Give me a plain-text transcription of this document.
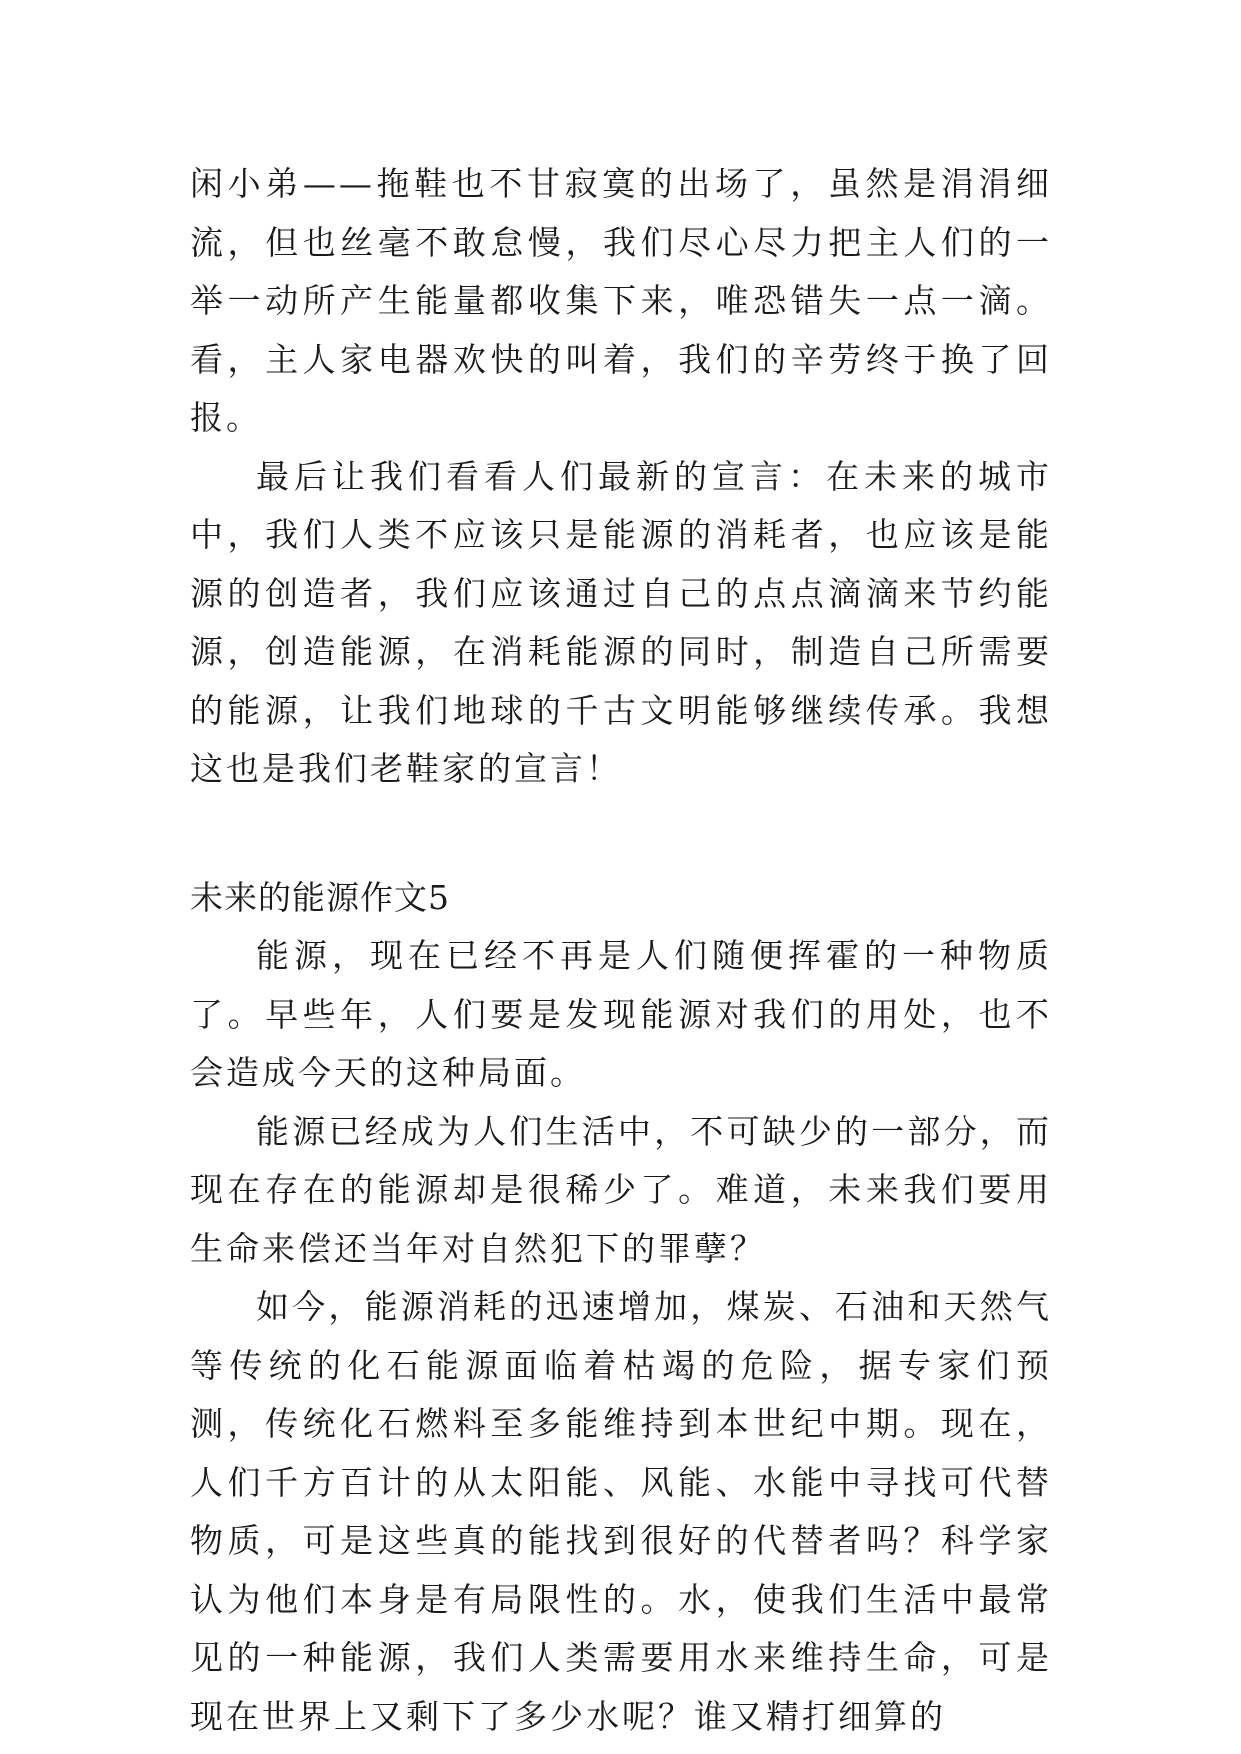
闲小弟——拖鞋也不甘寂寞的出场了，虽然是涓涓细流，但也丝毫不敢怠慢，我们尽心尽力把主人们的一举一动所产生能量都收集下来，唯恐错失一点一滴。看，主人家电器欢快的叫着，我们的辛劳终于换了回报。

最后让我们看看人们最新的宣言：在未来的城市中，我们人类不应该只是能源的消耗者，也应该是能源的创造者，我们应该通过自己的点点滴滴来节约能源，创造能源，在消耗能源的同时，制造自己所需要的能源，让我们地球的千古文明能够继续传承。我想这也是我们老鞋家的宣言！

未来的能源作文5

能源，现在已经不再是人们随便挥霍的一种物质了。早些年，人们要是发现能源对我们的用处，也不会造成今天的这种局面。

能源已经成为人们生活中，不可缺少的一部分，而现在存在的能源却是很稀少了。难道，未来我们要用生命来偿还当年对自然犯下的罪孽？

如今，能源消耗的迅速增加，煤炭、石油和天然气等传统的化石能源面临着枯竭的危险，据专家们预测，传统化石燃料至多能维持到本世纪中期。现在，人们千方百计的从太阳能、风能、水能中寻找可代替物质，可是这些真的能找到很好的代替者吗？科学家认为他们本身是有局限性的。水，使我们生活中最常见的一种能源，我们人类需要用水来维持生命，可是现在世界上又剩下了多少水呢？谁又精打细算的
